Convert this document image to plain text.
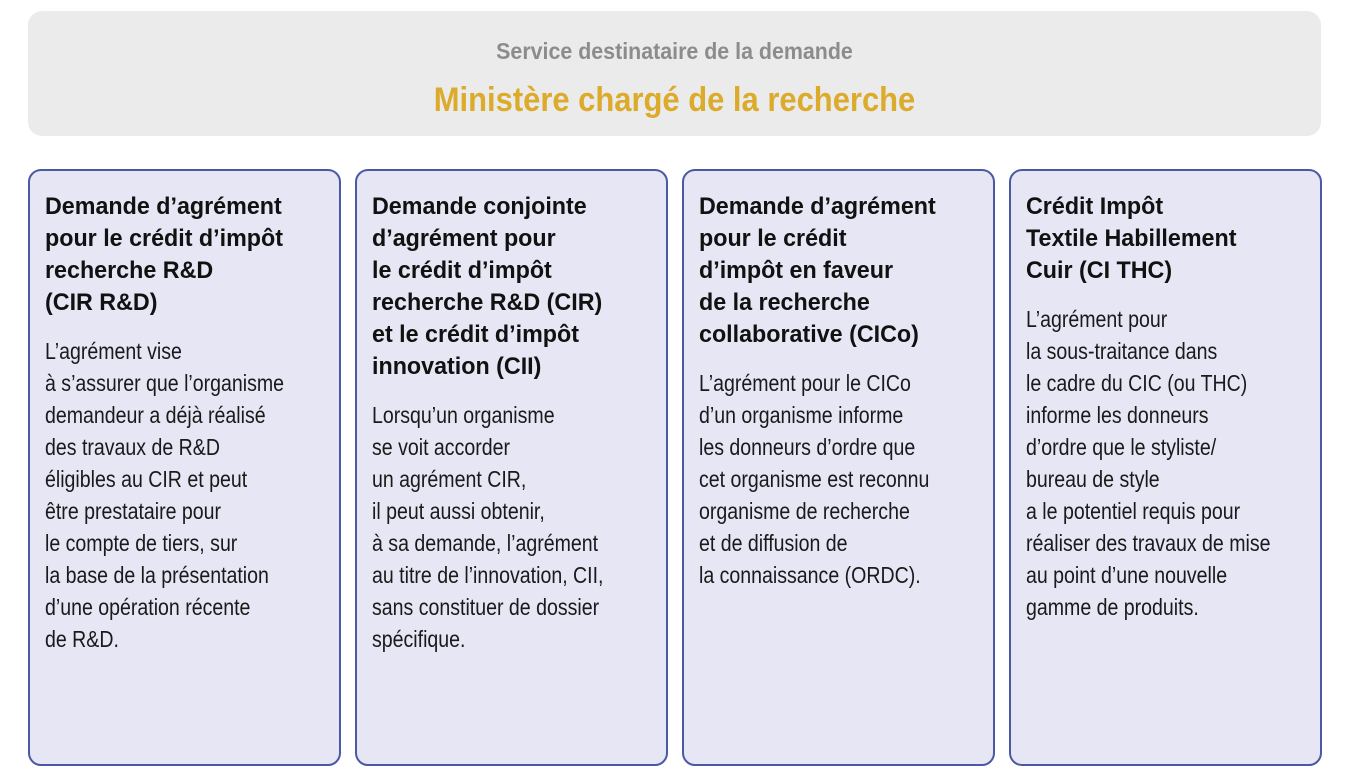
Service destinataire de la demande
Ministère chargé de la recherche
Demande d’agrément
pour le crédit d’impôt
recherche R&D
(CIR R&D)
L’agrément vise
à s’assurer que l’organisme
demandeur a déjà réalisé
des travaux de R&D
éligibles au CIR et peut
être prestataire pour
le compte de tiers, sur
la base de la présentation
d’une opération récente
de R&D.
Demande conjointe
d’agrément pour
le crédit d’impôt
recherche R&D (CIR)
et le crédit d’impôt
innovation (CII)
Lorsqu’un organisme
se voit accorder
un agrément CIR,
il peut aussi obtenir,
à sa demande, l’agrément
au titre de l’innovation, CII,
sans constituer de dossier
spécifique.
Demande d’agrément
pour le crédit
d’impôt en faveur
de la recherche
collaborative (CICo)
L’agrément pour le CICo
d’un organisme informe
les donneurs d’ordre que
cet organisme est reconnu
organisme de recherche
et de diffusion de
la connaissance (ORDC).
Crédit Impôt
Textile Habillement
Cuir (CI THC)
L’agrément pour
la sous-traitance dans
le cadre du CIC (ou THC)
informe les donneurs
d’ordre que le styliste/
bureau de style
a le potentiel requis pour
réaliser des travaux de mise
au point d’une nouvelle
gamme de produits.
